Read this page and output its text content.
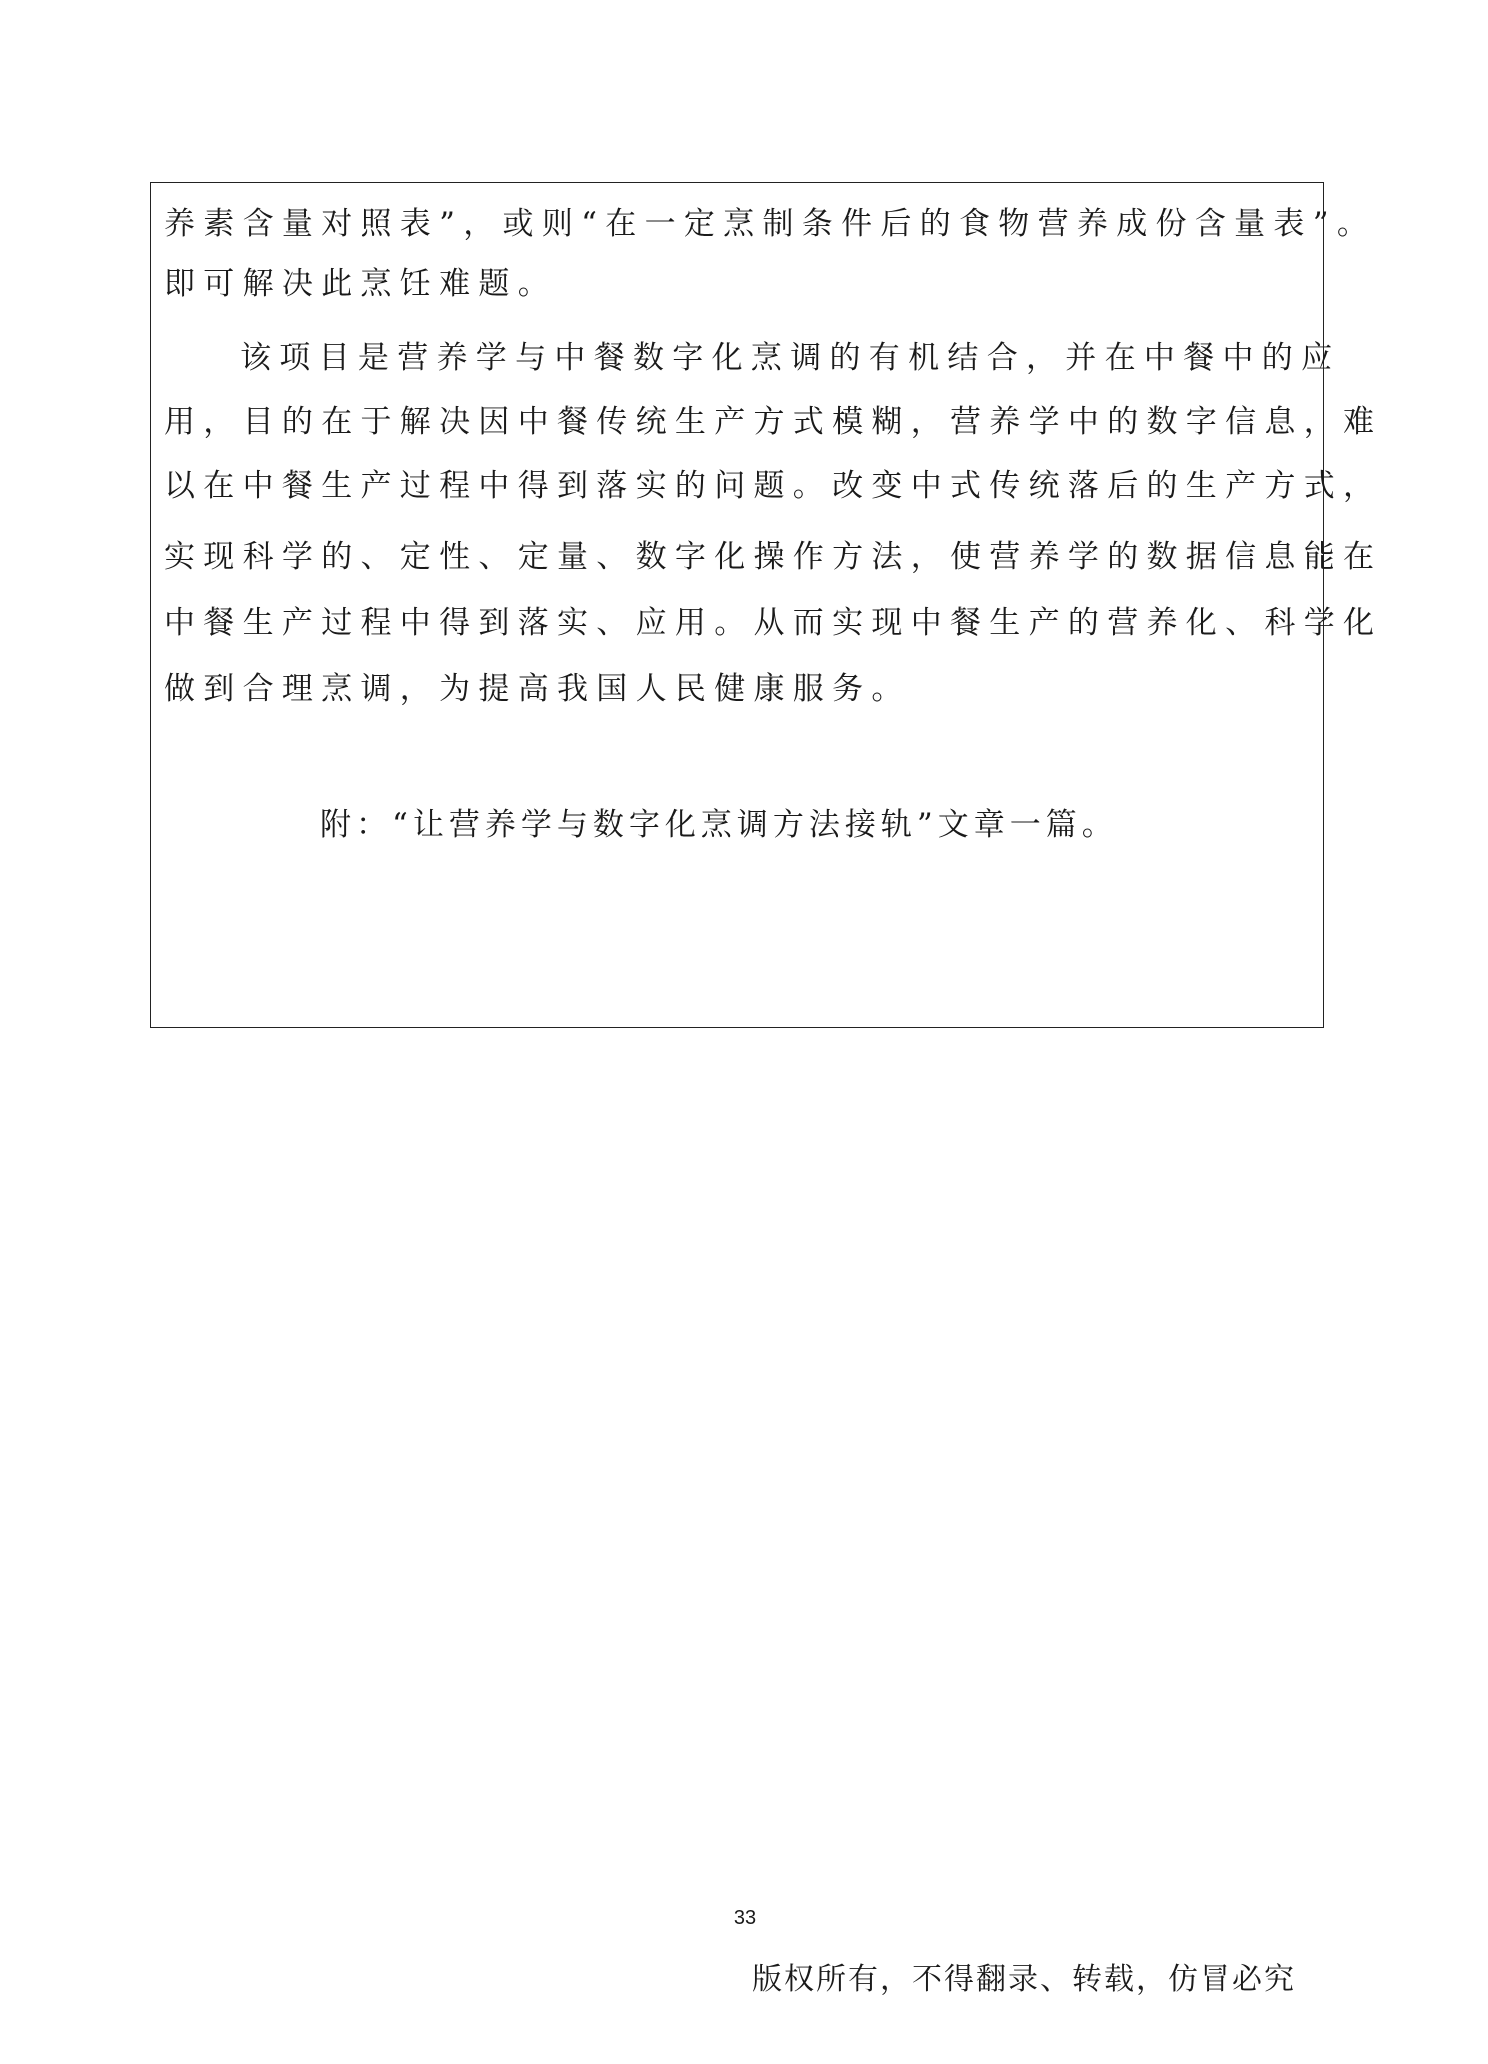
养素含量对照表”，或则“在一定烹制条件后的食物营养成份含量表”。
即可解决此烹饪难题。
该项目是营养学与中餐数字化烹调的有机结合，并在中餐中的应
用，目的在于解决因中餐传统生产方式模糊，营养学中的数字信息，难
以在中餐生产过程中得到落实的问题。改变中式传统落后的生产方式，
实现科学的、定性、定量、数字化操作方法，使营养学的数据信息能在
中餐生产过程中得到落实、应用。从而实现中餐生产的营养化、科学化
做到合理烹调，为提高我国人民健康服务。
附：“让营养学与数字化烹调方法接轨”文章一篇。
33
版权所有，不得翻录、转载，仿冒必究
